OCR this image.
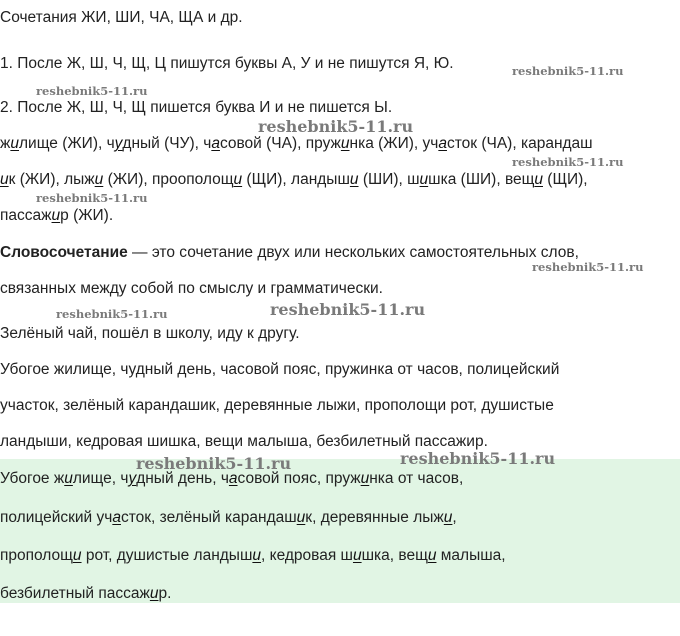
Сочетания ЖИ, ШИ, ЧА, ЩА и др.
1. После Ж, Ш, Ч, Щ, Ц пишутся буквы А, У и не пишутся Я, Ю.
2. После Ж, Ш, Ч, Щ пишется буква И и не пишется Ы.
жилище (ЖИ), чудный (ЧУ), часовой (ЧА), пружинка (ЖИ), участок (ЧА), карандаш
ик (ЖИ), лыжи (ЖИ), проополощи (ЩИ), ландыши (ШИ), шишка (ШИ), вещи (ЩИ),
пассажир (ЖИ).
Словосочетание — это сочетание двух или нескольких самостоятельных слов,
связанных между собой по смыслу и грамматически.
Зелёный чай, пошёл в школу, иду к другу.
Убогое жилище, чудный день, часовой пояс, пружинка от часов, полицейский
участок, зелёный карандашик, деревянные лыжи, прополощи рот, душистые
ландыши, кедровая шишка, вещи малыша, безбилетный пассажир.
Убогое жилище, чудный день, часовой пояс, пружинка от часов,
полицейский участок, зелёный карандашик, деревянные лыжи,
прополощи рот, душистые ландыши, кедровая шишка, вещи малыша,
безбилетный пассажир.
reshebnik5-11.ru
reshebnik5-11.ru
reshebnik5-11.ru
reshebnik5-11.ru
reshebnik5-11.ru
reshebnik5-11.ru
reshebnik5-11.ru	reshebnik5-11.ru
reshebnik5-11.ru	reshebnik5-11.ru
